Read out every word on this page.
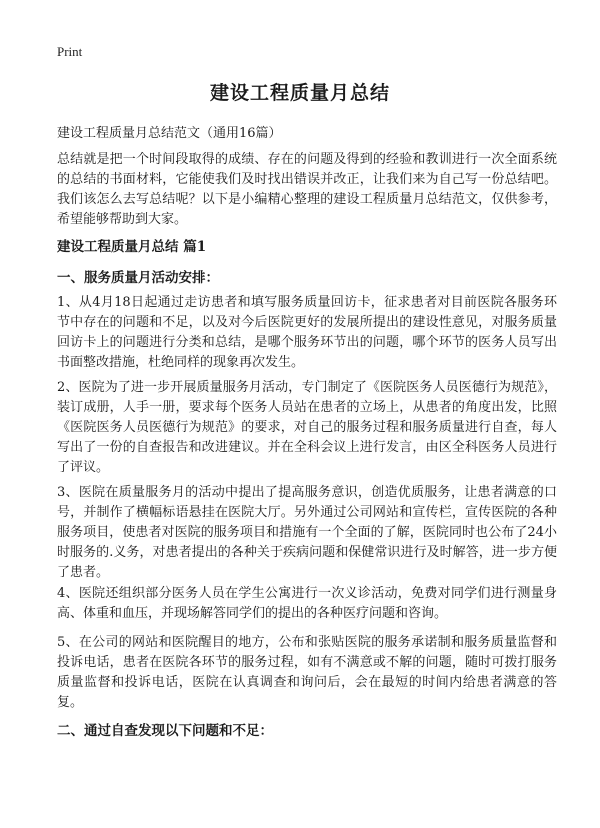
Print
建设工程质量月总结
建设工程质量月总结范文（通用16篇）
总结就是把一个时间段取得的成绩、存在的问题及得到的经验和教训进行一次全面系统的总结的书面材料，它能使我们及时找出错误并改正，让我们来为自己写一份总结吧。我们该怎么去写总结呢？以下是小编精心整理的建设工程质量月总结范文，仅供参考，希望能够帮助到大家。
建设工程质量月总结 篇1
一、服务质量月活动安排：
1、从4月18日起通过走访患者和填写服务质量回访卡，征求患者对目前医院各服务环节中存在的问题和不足，以及对今后医院更好的发展所提出的建设性意见，对服务质量回访卡上的问题进行分类和总结，是哪个服务环节出的问题，哪个环节的医务人员写出书面整改措施，杜绝同样的现象再次发生。
2、医院为了进一步开展质量服务月活动，专门制定了《医院医务人员医德行为规范》，装订成册，人手一册，要求每个医务人员站在患者的立场上，从患者的角度出发，比照《医院医务人员医德行为规范》的要求，对自己的服务过程和服务质量进行自查，每人写出了一份的自查报告和改进建议。并在全科会议上进行发言，由区全科医务人员进行了评议。
3、医院在质量服务月的活动中提出了提高服务意识，创造优质服务，让患者满意的口号，并制作了横幅标语悬挂在医院大厅。另外通过公司网站和宣传栏，宣传医院的各种服务项目，使患者对医院的服务项目和措施有一个全面的了解，医院同时也公布了24小时服务的.义务，对患者提出的各种关于疾病问题和保健常识进行及时解答，进一步方便了患者。
4、医院还组织部分医务人员在学生公寓进行一次义诊活动，免费对同学们进行测量身高、体重和血压，并现场解答同学们的提出的各种医疗问题和咨询。
5、在公司的网站和医院醒目的地方，公布和张贴医院的服务承诺制和服务质量监督和投诉电话，患者在医院各环节的服务过程，如有不满意或不解的问题，随时可拨打服务质量监督和投诉电话，医院在认真调查和询问后，会在最短的时间内给患者满意的答复。
二、通过自查发现以下问题和不足：
